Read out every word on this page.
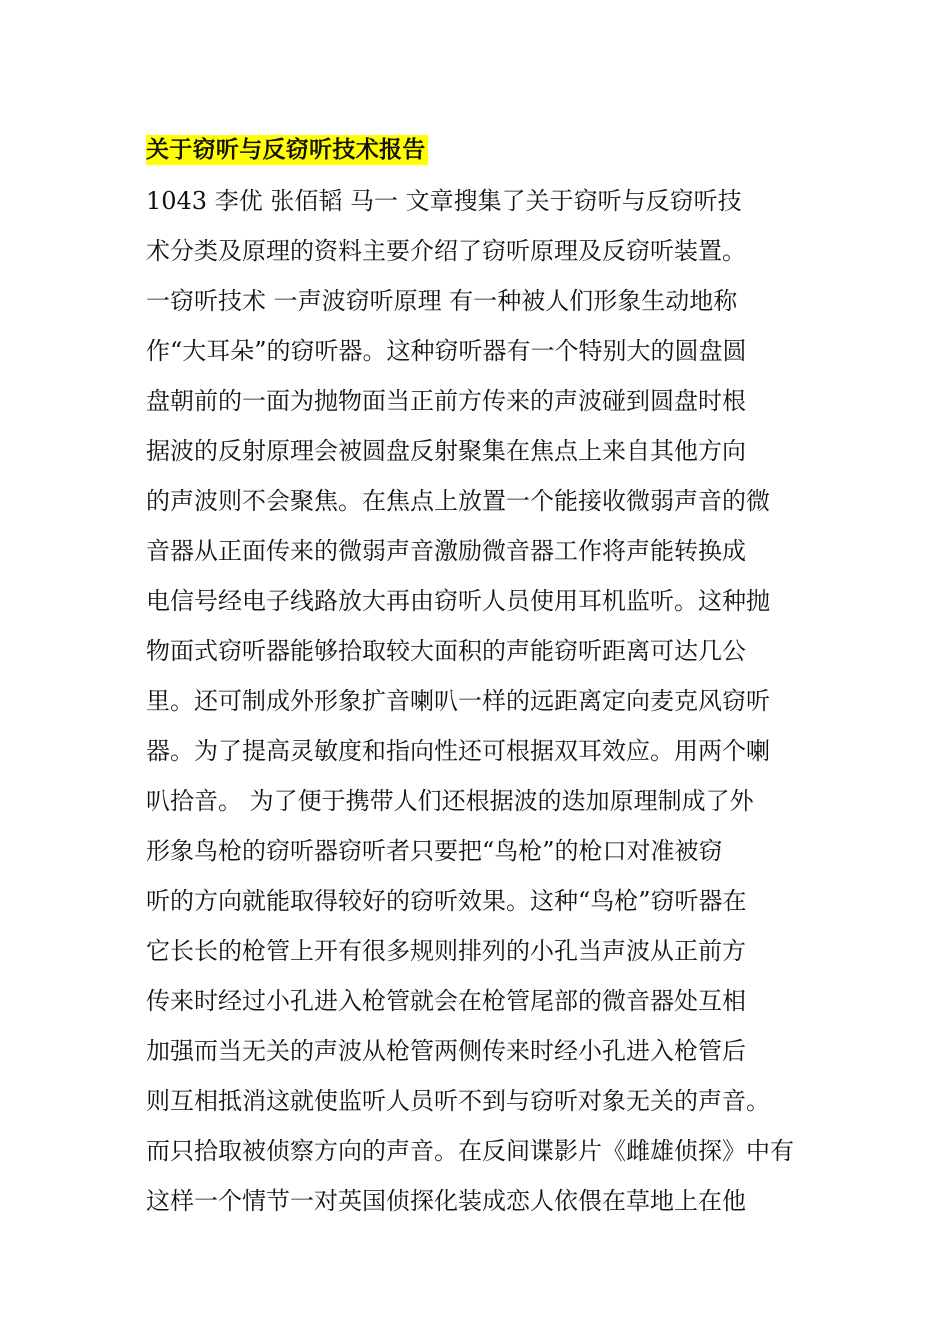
关于窃听与反窃听技术报告
1043 李优 张佰韬 马一 文章搜集了关于窃听与反窃听技
术分类及原理的资料主要介绍了窃听原理及反窃听装置。
一窃听技术 一声波窃听原理 有一种被人们形象生动地称
作“大耳朵”的窃听器。这种窃听器有一个特别大的圆盘圆
盘朝前的一面为抛物面当正前方传来的声波碰到圆盘时根
据波的反射原理会被圆盘反射聚集在焦点上来自其他方向
的声波则不会聚焦。在焦点上放置一个能接收微弱声音的微
音器从正面传来的微弱声音激励微音器工作将声能转换成
电信号经电子线路放大再由窃听人员使用耳机监听。这种抛
物面式窃听器能够拾取较大面积的声能窃听距离可达几公
里。还可制成外形象扩音喇叭一样的远距离定向麦克风窃听
器。为了提高灵敏度和指向性还可根据双耳效应。用两个喇
叭拾音。 为了便于携带人们还根据波的迭加原理制成了外
形象鸟枪的窃听器窃听者只要把“鸟枪”的枪口对准被窃
听的方向就能取得较好的窃听效果。这种“鸟枪”窃听器在
它长长的枪管上开有很多规则排列的小孔当声波从正前方
传来时经过小孔进入枪管就会在枪管尾部的微音器处互相
加强而当无关的声波从枪管两侧传来时经小孔进入枪管后
则互相抵消这就使监听人员听不到与窃听对象无关的声音。
而只拾取被侦察方向的声音。在反间谍影片《雌雄侦探》中有
这样一个情节一对英国侦探化装成恋人依偎在草地上在他
